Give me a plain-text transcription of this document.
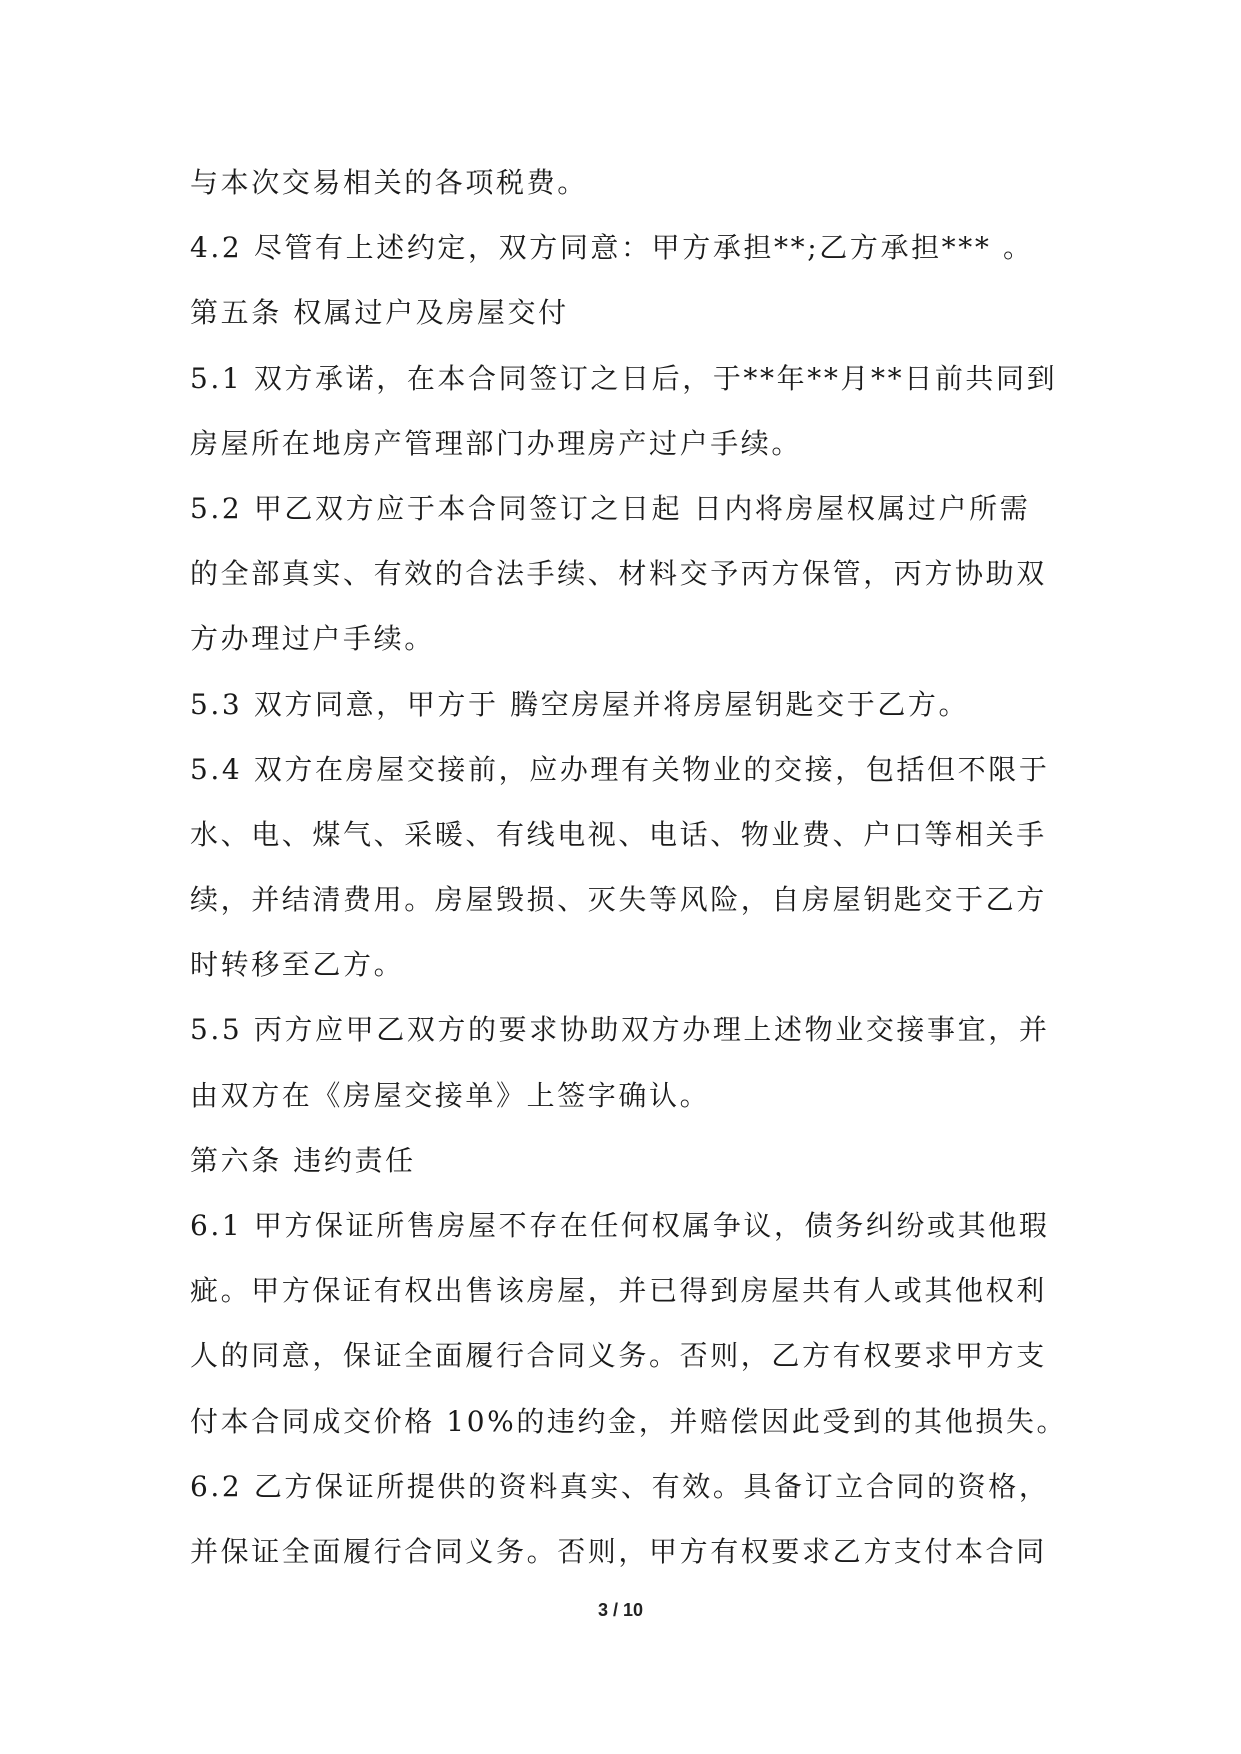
与本次交易相关的各项税费。
4.2 尽管有上述约定，双方同意：甲方承担**;乙方承担*** 。
第五条 权属过户及房屋交付
5.1 双方承诺，在本合同签订之日后，于**年**月**日前共同到
房屋所在地房产管理部门办理房产过户手续。
5.2 甲乙双方应于本合同签订之日起 日内将房屋权属过户所需
的全部真实、有效的合法手续、材料交予丙方保管，丙方协助双
方办理过户手续。
5.3 双方同意，甲方于 腾空房屋并将房屋钥匙交于乙方。
5.4 双方在房屋交接前，应办理有关物业的交接，包括但不限于
水、电、煤气、采暖、有线电视、电话、物业费、户口等相关手
续，并结清费用。房屋毁损、灭失等风险，自房屋钥匙交于乙方
时转移至乙方。
5.5 丙方应甲乙双方的要求协助双方办理上述物业交接事宜，并
由双方在《房屋交接单》上签字确认。
第六条 违约责任
6.1 甲方保证所售房屋不存在任何权属争议，债务纠纷或其他瑕
疵。甲方保证有权出售该房屋，并已得到房屋共有人或其他权利
人的同意，保证全面履行合同义务。否则，乙方有权要求甲方支
付本合同成交价格 10%的违约金，并赔偿因此受到的其他损失。
6.2 乙方保证所提供的资料真实、有效。具备订立合同的资格，
并保证全面履行合同义务。否则，甲方有权要求乙方支付本合同
3 / 10
